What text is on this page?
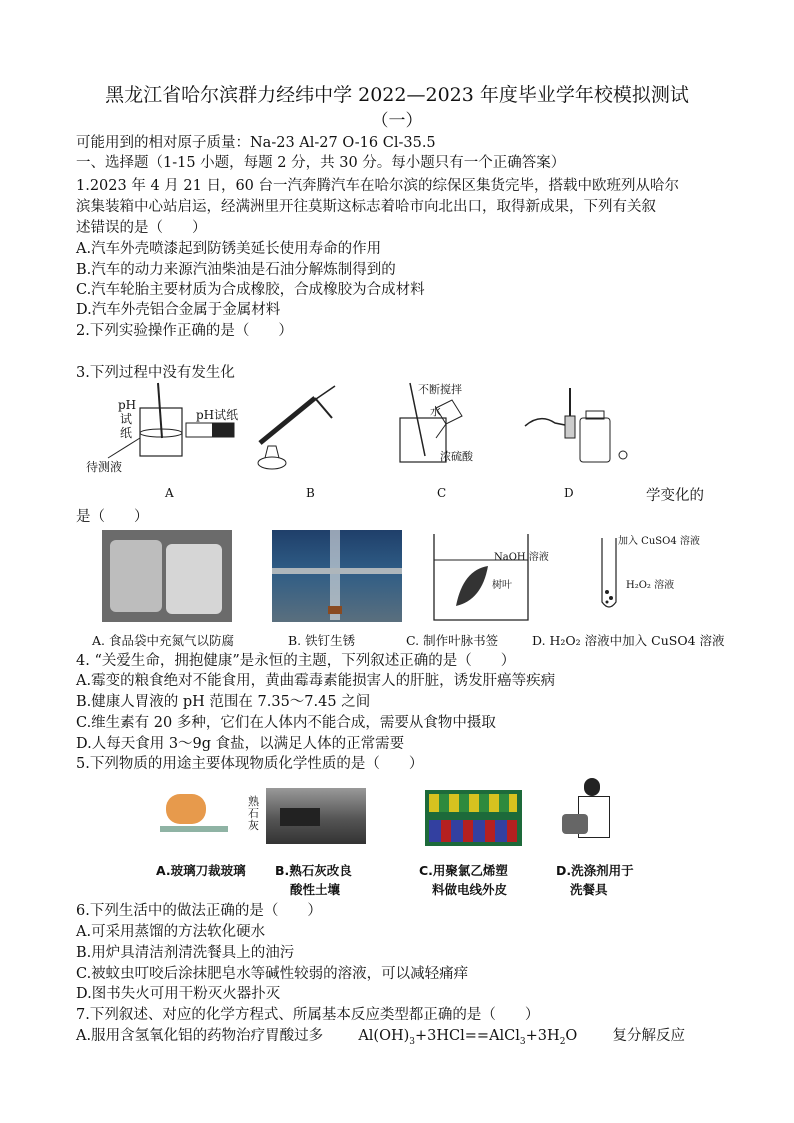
黑龙江省哈尔滨群力经纬中学 2022—2023 年度毕业学年校模拟测试
（一）
可能用到的相对原子质量：Na-23 Al-27 O-16 Cl-35.5
一、选择题（1-15 小题，每题 2 分，共 30 分。每小题只有一个正确答案）
1.2023 年 4 月 21 日，60 台一汽奔腾汽车在哈尔滨的综保区集货完毕，搭载中欧班列从哈尔
滨集装箱中心站启运，经满洲里开往莫斯这标志着哈市向北出口，取得新成果，下列有关叙
述错误的是（　　）
A.汽车外壳喷漆起到防锈美延长使用寿命的作用
B.汽车的动力来源汽油柴油是石油分解炼制得到的
C.汽车轮胎主要材质为合成橡胶，合成橡胶为合成材料
D.汽车外壳铝合金属于金属材料
2.下列实验操作正确的是（　　）
3.下列过程中没有发生化
pH
试
纸
pH试纸
待测液
不断搅拌
水
浓硫酸
A	B	C	D	学变化的
是（　　）
NaOH 溶液
树叶
加入 CuSO4 溶液
H₂O₂ 溶液
A. 食品袋中充氮气以防腐	B. 铁钉生锈	C. 制作叶脉书签	D. H₂O₂ 溶液中加入 CuSO4 溶液
4. “关爱生命，拥抱健康”是永恒的主题，下列叙述正确的是（　　）
A.霉变的粮食绝对不能食用，黄曲霉毒素能损害人的肝脏，诱发肝癌等疾病
B.健康人胃液的 pH 范围在 7.35～7.45 之间
C.维生素有 20 多种，它们在人体内不能合成，需要从食物中摄取
D.人每天食用 3～9g 食盐，以满足人体的正常需要
5.下列物质的用途主要体现物质化学性质的是（　　）
熟石灰
A.玻璃刀裁玻璃 B.熟石灰改良
酸性土壤
C.用聚氯乙烯塑
料做电线外皮
D.洗涤剂用于
洗餐具
6.下列生活中的做法正确的是（　　）
A.可采用蒸馏的方法软化硬水
B.用炉具清洁剂清洗餐具上的油污
C.被蚊虫叮咬后涂抹肥皂水等碱性较弱的溶液，可以减轻痛痒
D.图书失火可用干粉灭火器扑灭
7.下列叙述、对应的化学方程式、所属基本反应类型都正确的是（　　）
A.服用含氢氧化铝的药物治疗胃酸过多 $Al(OH)_3+3HCl==AlCl_3+3H_2O$ 复分解反应
